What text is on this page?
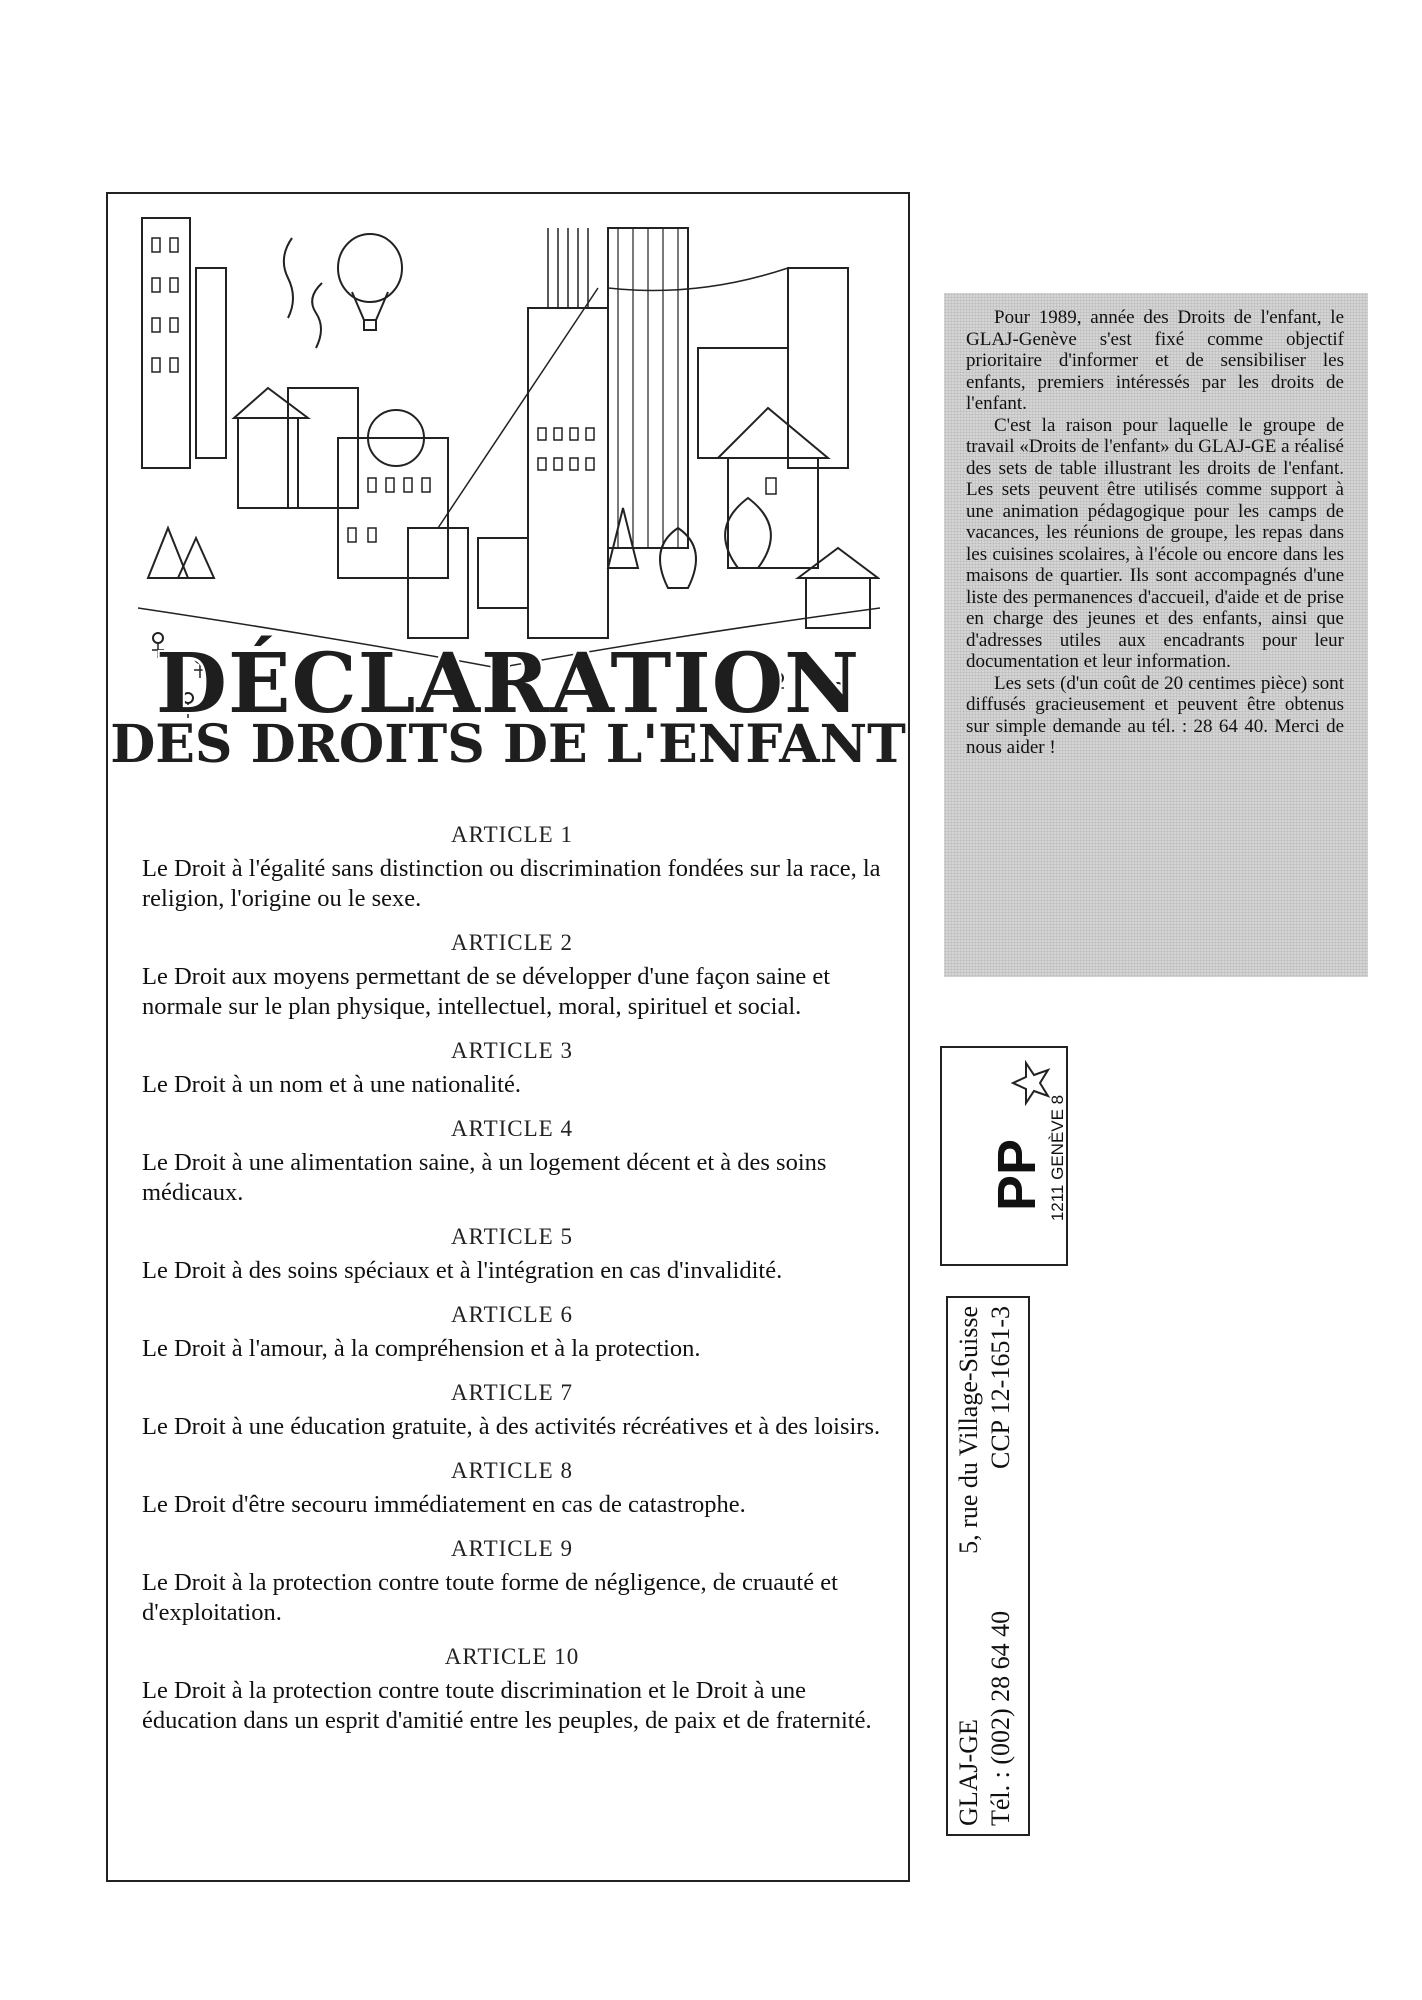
DÉCLARATION
DES DROITS DE L'ENFANT
ARTICLE 1
Le Droit à l'égalité sans distinction ou discrimination fondées sur la race, la religion, l'origine ou le sexe.
ARTICLE 2
Le Droit aux moyens permettant de se développer d'une façon saine et normale sur le plan physique, intellectuel, moral, spirituel et social.
ARTICLE 3
Le Droit à un nom et à une nationalité.
ARTICLE 4
Le Droit à une alimentation saine, à un logement décent et à des soins médicaux.
ARTICLE 5
Le Droit à des soins spéciaux et à l'intégration en cas d'invalidité.
ARTICLE 6
Le Droit à l'amour, à la compréhension et à la protection.
ARTICLE 7
Le Droit à une éducation gratuite, à des activités récréatives et à des loisirs.
ARTICLE 8
Le Droit d'être secouru immédiatement en cas de catastrophe.
ARTICLE 9
Le Droit à la protection contre toute forme de négligence, de cruauté et d'exploitation.
ARTICLE 10
Le Droit à la protection contre toute discrimination et le Droit à une éducation dans un esprit d'amitié entre les peuples, de paix et de fraternité.

Pour 1989, année des Droits de l'enfant, le GLAJ-Genève s'est fixé comme objectif prioritaire d'informer et de sensibiliser les enfants, premiers intéressés par les droits de l'enfant.

C'est la raison pour laquelle le groupe de travail «Droits de l'enfant» du GLAJ-GE a réalisé des sets de table illustrant les droits de l'enfant. Les sets peuvent être utilisés comme support à une animation pédagogique pour les camps de vacances, les réunions de groupe, les repas dans les cuisines scolaires, à l'école ou encore dans les maisons de quartier. Ils sont accompagnés d'une liste des permanences d'accueil, d'aide et de prise en charge des jeunes et des enfants, ainsi que d'adresses utiles aux encadrants pour leur documentation et leur information.

Les sets (d'un coût de 20 centimes pièce) sont diffusés gracieusement et peuvent être obtenus sur simple demande au tél. : 28 64 40. Merci de nous aider !

PP 1211 GENÈVE 8
GLAJ-GE
5, rue du Village-Suisse
Tél. : (002) 28 64 40
CCP 12-1651-3
